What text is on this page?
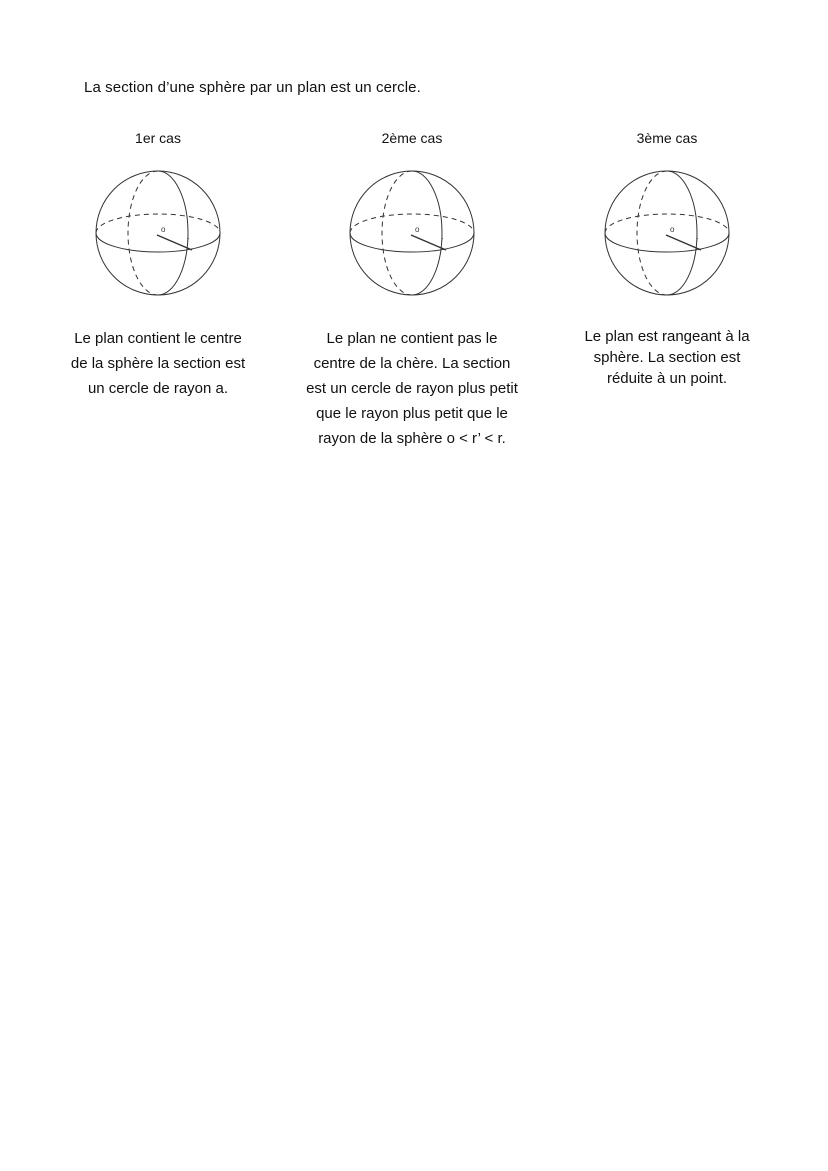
La section d’une sphère par un plan est un cercle.
1er cas
o
r
Le plan contient le centre
de la sphère la section est
un cercle de rayon a.
2ème cas
o
r
Le plan ne contient pas le
centre de la chère. La section
est un cercle de rayon plus petit
que le rayon plus petit que le
rayon de la sphère o < r’ < r.
3ème cas
o
r
Le plan est rangeant à la
sphère. La section est
réduite à un point.
